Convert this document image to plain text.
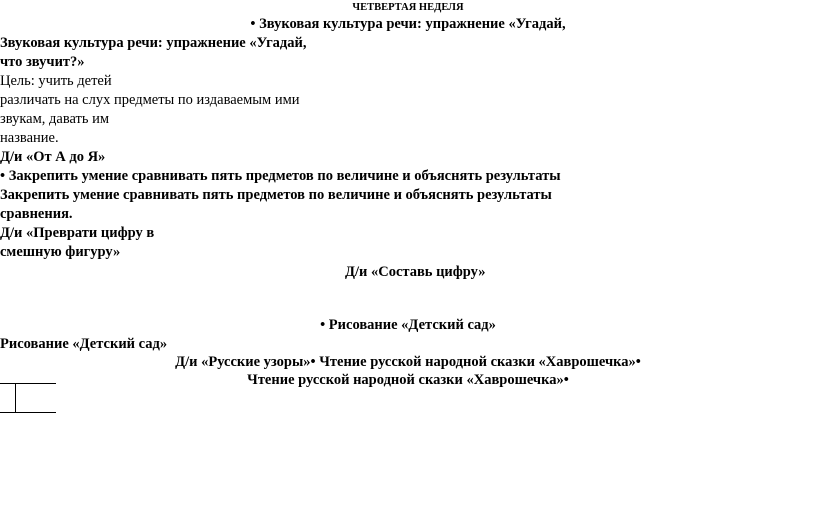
ЧЕТВЕРТАЯ НЕДЕЛЯ
• Звуковая культура речи: упражнение «Угадай,
Звуковая культура речи: упражнение «Угадай,
что звучит?»
Цель: учить детей
различать на слух предметы по издаваемым ими
звукам, давать им
название.
Д/и «От А до Я»
• Закрепить умение сравнивать пять предметов по величине и объяснять результаты
Закрепить умение сравнивать пять предметов по величине и объяснять результаты
сравнения.
Д/и «Преврати цифру в
смешную фигуру»
Д/и «Составь цифру»
• Рисование «Детский сад»
Рисование «Детский сад»
Д/и «Русские узоры»• Чтение русской народной сказки «Хаврошечка»•
Чтение русской народной сказки «Хаврошечка»•
